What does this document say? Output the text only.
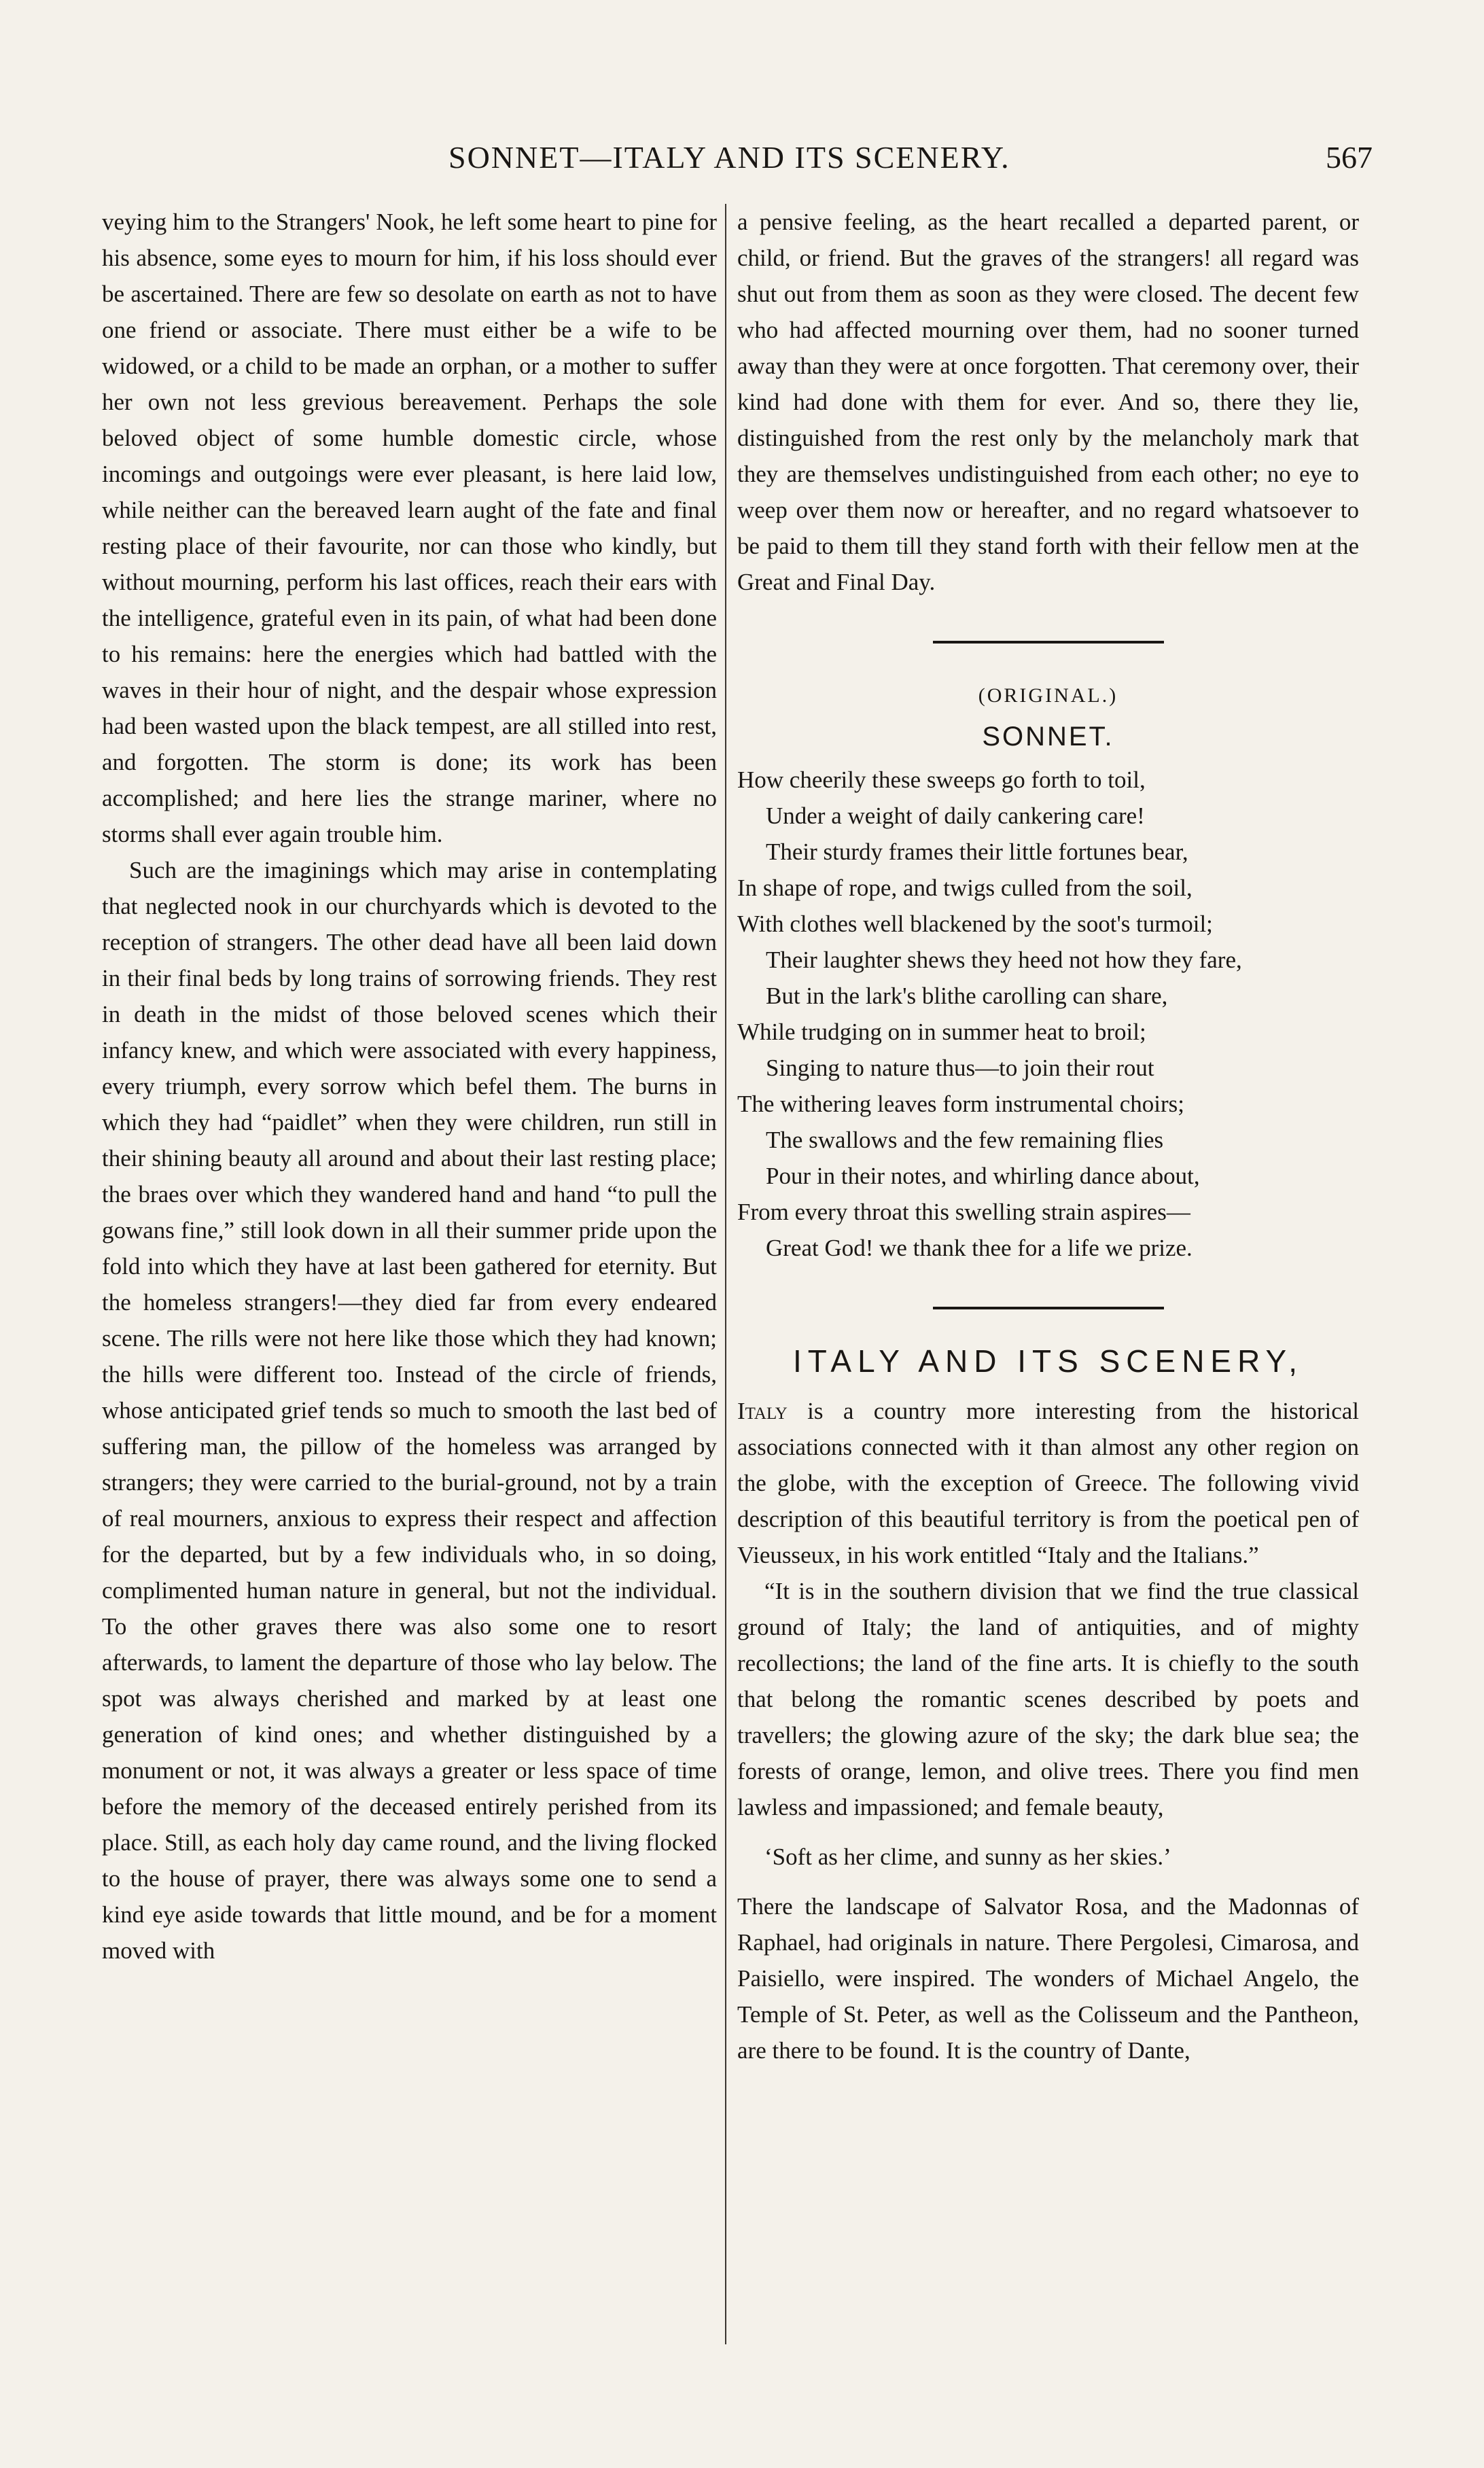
SONNET—ITALY AND ITS SCENERY.	567

veying him to the Strangers' Nook, he left some heart to pine for his absence, some eyes to mourn for him, if his loss should ever be ascertained. There are few so desolate on earth as not to have one friend or associate. There must either be a wife to be widowed, or a child to be made an orphan, or a mother to suffer her own not less grevious bereavement. Perhaps the sole beloved object of some humble domestic circle, whose incomings and outgoings were ever pleasant, is here laid low, while neither can the bereaved learn aught of the fate and final resting place of their favourite, nor can those who kindly, but without mourning, perform his last offices, reach their ears with the intelligence, grateful even in its pain, of what had been done to his remains: here the energies which had battled with the waves in their hour of night, and the despair whose expression had been wasted upon the black tempest, are all stilled into rest, and forgotten. The storm is done; its work has been accomplished; and here lies the strange mariner, where no storms shall ever again trouble him.

Such are the imaginings which may arise in contemplating that neglected nook in our churchyards which is devoted to the reception of strangers. The other dead have all been laid down in their final beds by long trains of sorrowing friends. They rest in death in the midst of those beloved scenes which their infancy knew, and which were associated with every happiness, every triumph, every sorrow which befel them. The burns in which they had “paidlet” when they were children, run still in their shining beauty all around and about their last resting place; the braes over which they wandered hand and hand “to pull the gowans fine,” still look down in all their summer pride upon the fold into which they have at last been gathered for eternity. But the homeless strangers!—they died far from every endeared scene. The rills were not here like those which they had known; the hills were different too. Instead of the circle of friends, whose anticipated grief tends so much to smooth the last bed of suffering man, the pillow of the homeless was arranged by strangers; they were carried to the burial-ground, not by a train of real mourners, anxious to express their respect and affection for the departed, but by a few individuals who, in so doing, complimented human nature in general, but not the individual. To the other graves there was also some one to resort afterwards, to lament the departure of those who lay below. The spot was always cherished and marked by at least one generation of kind ones; and whether distinguished by a monument or not, it was always a greater or less space of time before the memory of the deceased entirely perished from its place. Still, as each holy day came round, and the living flocked to the house of prayer, there was always some one to send a kind eye aside towards that little mound, and be for a moment moved with

a pensive feeling, as the heart recalled a departed parent, or child, or friend. But the graves of the strangers! all regard was shut out from them as soon as they were closed. The decent few who had affected mourning over them, had no sooner turned away than they were at once forgotten. That ceremony over, their kind had done with them for ever. And so, there they lie, distinguished from the rest only by the melancholy mark that they are themselves undistinguished from each other; no eye to weep over them now or hereafter, and no regard whatsoever to be paid to them till they stand forth with their fellow men at the Great and Final Day.

(ORIGINAL.)
SONNET.
How cheerily these sweeps go forth to toil,
Under a weight of daily cankering care!
Their sturdy frames their little fortunes bear,
In shape of rope, and twigs culled from the soil,
With clothes well blackened by the soot's turmoil;
Their laughter shews they heed not how they fare,
But in the lark's blithe carolling can share,
While trudging on in summer heat to broil;
Singing to nature thus—to join their rout
The withering leaves form instrumental choirs;
The swallows and the few remaining flies
Pour in their notes, and whirling dance about,
From every throat this swelling strain aspires—
Great God! we thank thee for a life we prize.
ITALY AND ITS SCENERY,

Italy is a country more interesting from the historical associations connected with it than almost any other region on the globe, with the exception of Greece. The following vivid description of this beautiful territory is from the poetical pen of Vieusseux, in his work entitled “Italy and the Italians.”

“It is in the southern division that we find the true classical ground of Italy; the land of antiquities, and of mighty recollections; the land of the fine arts. It is chiefly to the south that belong the romantic scenes described by poets and travellers; the glowing azure of the sky; the dark blue sea; the forests of orange, lemon, and olive trees. There you find men lawless and impassioned; and female beauty,

‘Soft as her clime, and sunny as her skies.’

There the landscape of Salvator Rosa, and the Madonnas of Raphael, had originals in nature. There Pergolesi, Cimarosa, and Paisiello, were inspired. The wonders of Michael Angelo, the Temple of St. Peter, as well as the Colisseum and the Pantheon, are there to be found. It is the country of Dante,
